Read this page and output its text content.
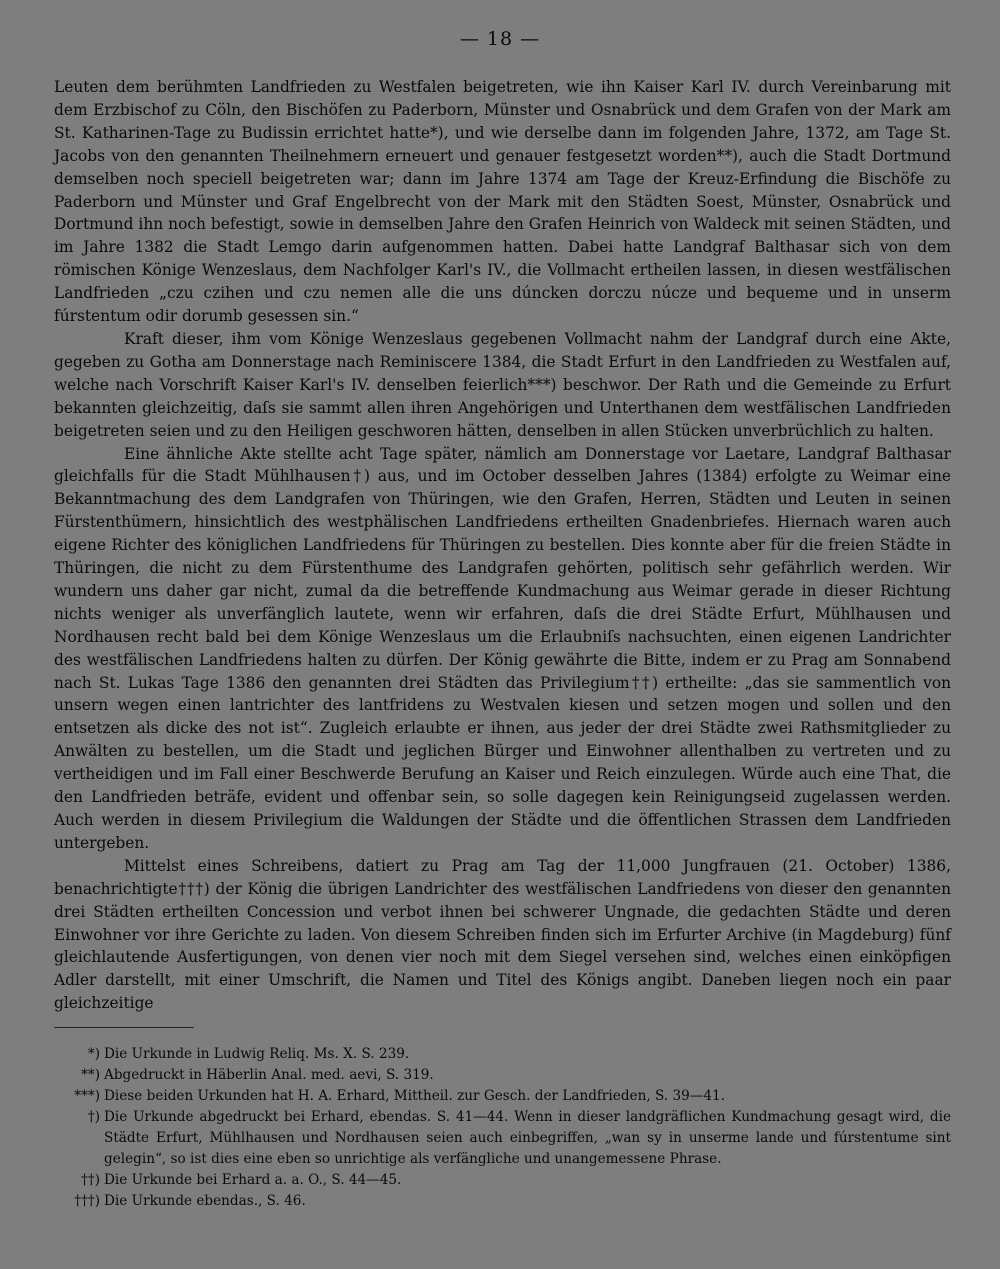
— 18 —

Leuten dem berühmten Landfrieden zu Westfalen beigetreten, wie ihn Kaiser Karl IV. durch Vereinbarung mit dem Erzbischof zu Cöln, den Bischöfen zu Paderborn, Münster und Osnabrück und dem Grafen von der Mark am St. Katharinen-Tage zu Budissin errichtet hatte*), und wie derselbe dann im folgenden Jahre, 1372, am Tage St. Jacobs von den genannten Theilnehmern erneuert und genauer festgesetzt worden**), auch die Stadt Dortmund demselben noch speciell beigetreten war; dann im Jahre 1374 am Tage der Kreuz-Erfindung die Bischöfe zu Paderborn und Münster und Graf Engelbrecht von der Mark mit den Städten Soest, Münster, Osnabrück und Dortmund ihn noch befestigt, sowie in demselben Jahre den Grafen Heinrich von Waldeck mit seinen Städten, und im Jahre 1382 die Stadt Lemgo darin aufgenommen hatten. Dabei hatte Landgraf Balthasar sich von dem römischen Könige Wenzeslaus, dem Nachfolger Karl's IV., die Vollmacht ertheilen lassen, in diesen westfälischen Landfrieden „czu czihen und czu nemen alle die uns dúncken dorczu núcze und bequeme und in unserm fúrstentum odir dorumb gesessen sin.“

Kraft dieser, ihm vom Könige Wenzeslaus gegebenen Vollmacht nahm der Landgraf durch eine Akte, gegeben zu Gotha am Donnerstage nach Reminiscere 1384, die Stadt Erfurt in den Landfrieden zu Westfalen auf, welche nach Vorschrift Kaiser Karl's IV. denselben feierlich***) beschwor. Der Rath und die Gemeinde zu Erfurt bekannten gleichzeitig, daſs sie sammt allen ihren Angehörigen und Unterthanen dem westfälischen Landfrieden beigetreten seien und zu den Heiligen geschworen hätten, denselben in allen Stücken unverbrüchlich zu halten.

Eine ähnliche Akte stellte acht Tage später, nämlich am Donnerstage vor Laetare, Landgraf Balthasar gleichfalls für die Stadt Mühlhausen†) aus, und im October desselben Jahres (1384) erfolgte zu Weimar eine Bekanntmachung des dem Landgrafen von Thüringen, wie den Grafen, Herren, Städten und Leuten in seinen Fürstenthümern, hinsichtlich des westphälischen Landfriedens ertheilten Gnadenbriefes. Hiernach waren auch eigene Richter des königlichen Landfriedens für Thüringen zu bestellen. Dies konnte aber für die freien Städte in Thüringen, die nicht zu dem Fürstenthume des Landgrafen gehörten, politisch sehr gefährlich werden. Wir wundern uns daher gar nicht, zumal da die betreffende Kundmachung aus Weimar gerade in dieser Richtung nichts weniger als unverfänglich lautete, wenn wir erfahren, daſs die drei Städte Erfurt, Mühlhausen und Nordhausen recht bald bei dem Könige Wenzeslaus um die Erlaubniſs nachsuchten, einen eigenen Landrichter des westfälischen Landfriedens halten zu dürfen. Der König gewährte die Bitte, indem er zu Prag am Sonnabend nach St. Lukas Tage 1386 den genannten drei Städten das Privilegium††) ertheilte: „das sie sammentlich von unsern wegen einen lantrichter des lantfridens zu Westvalen kiesen und setzen mogen und sollen und den entsetzen als dicke des not ist“. Zugleich erlaubte er ihnen, aus jeder der drei Städte zwei Rathsmitglieder zu Anwälten zu bestellen, um die Stadt und jeglichen Bürger und Einwohner allenthalben zu vertreten und zu vertheidigen und im Fall einer Beschwerde Berufung an Kaiser und Reich einzulegen. Würde auch eine That, die den Landfrieden beträfe, evident und offenbar sein, so solle dagegen kein Reinigungseid zugelassen werden. Auch werden in diesem Privilegium die Waldungen der Städte und die öffentlichen Strassen dem Landfrieden untergeben.

Mittelst eines Schreibens, datiert zu Prag am Tag der 11,000 Jungfrauen (21. October) 1386, benachrichtigte†††) der König die übrigen Landrichter des westfälischen Landfriedens von dieser den genannten drei Städten ertheilten Concession und verbot ihnen bei schwerer Ungnade, die gedachten Städte und deren Einwohner vor ihre Gerichte zu laden. Von diesem Schreiben finden sich im Erfurter Archive (in Magdeburg) fünf gleichlautende Ausfertigungen, von denen vier noch mit dem Siegel versehen sind, welches einen einköpfigen Adler darstellt, mit einer Umschrift, die Namen und Titel des Königs angibt. Daneben liegen noch ein paar gleichzeitige

*) Die Urkunde in Ludwig Reliq. Ms. X. S. 239.
**) Abgedruckt in Häberlin Anal. med. aevi, S. 319.
***) Diese beiden Urkunden hat H. A. Erhard, Mittheil. zur Gesch. der Landfrieden, S. 39—41.
†) Die Urkunde abgedruckt bei Erhard, ebendas. S. 41—44. Wenn in dieser landgräflichen Kundmachung gesagt wird, die Städte Erfurt, Mühlhausen und Nordhausen seien auch einbegriffen, „wan sy in unserme lande und fúrstentume sint gelegin“, so ist dies eine eben so unrichtige als verfängliche und unangemessene Phrase.
††) Die Urkunde bei Erhard a. a. O., S. 44—45.
†††) Die Urkunde ebendas., S. 46.
